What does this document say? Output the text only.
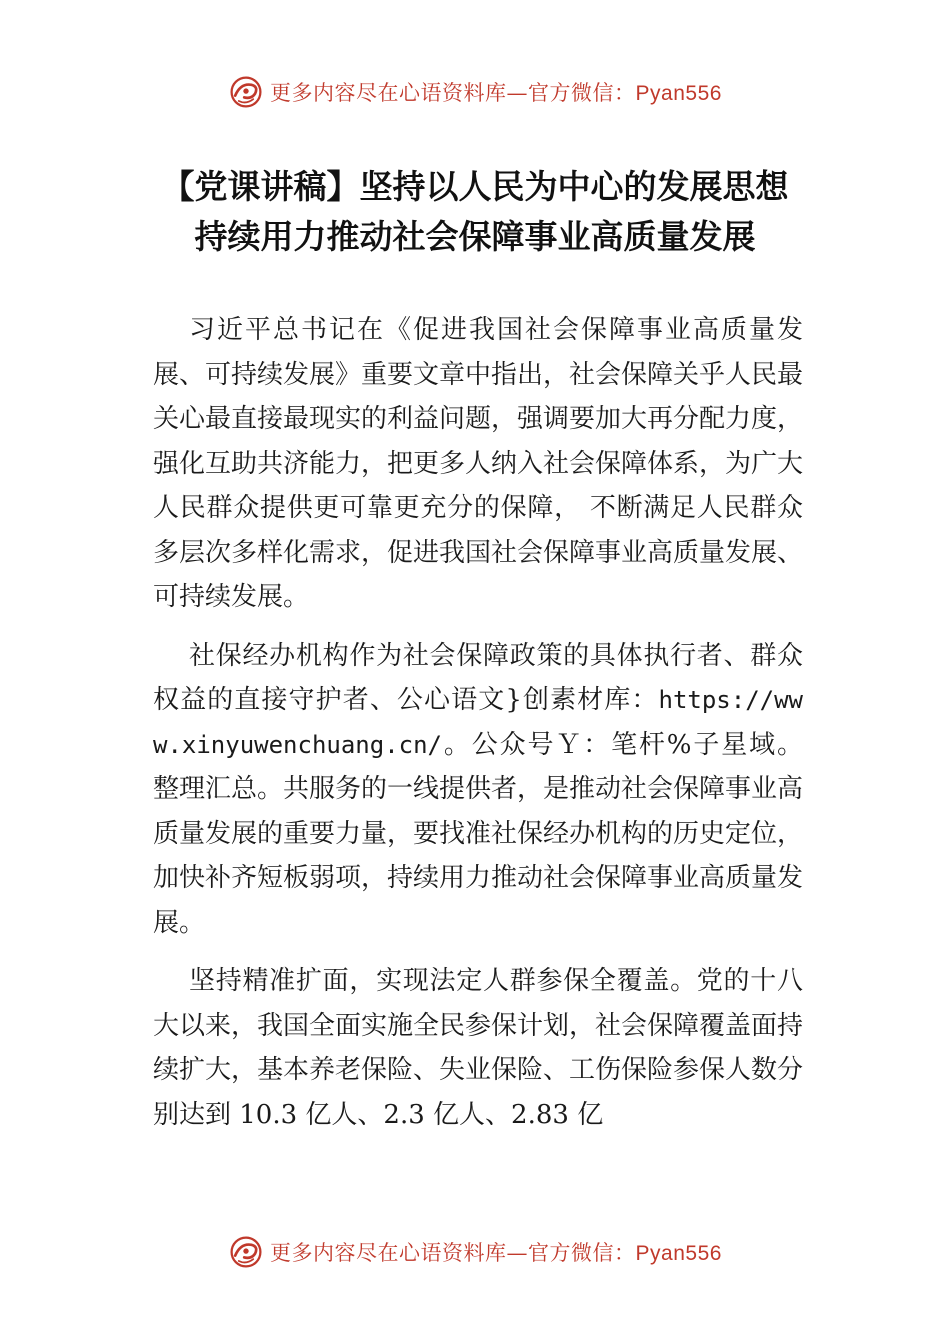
更多内容尽在心语资料库—官方微信：Pyan556
【党课讲稿】坚持以人民为中心的发展思想
持续用力推动社会保障事业高质量发展

习近平总书记在《促进我国社会保障事业高质量发展、可持续发展》重要文章中指出，社会保障关乎人民最关心最直接最现实的利益问题，强调要加大再分配力度，强化互助共济能力，把更多人纳入社会保障体系，为广大人民群众提供更可靠更充分的保障， 不断满足人民群众多层次多样化需求，促进我国社会保障事业高质量发展、可持续发展。

社保经办机构作为社会保障政策的具体执行者、群众权益的直接守护者、公心语文}创素材库：https://www.xinyuwenchuang.cn/。公众号Ｙ：笔杆%子星域。整理汇总。共服务的一线提供者，是推动社会保障事业高质量发展的重要力量，要找准社保经办机构的历史定位，加快补齐短板弱项，持续用力推动社会保障事业高质量发展。

坚持精准扩面，实现法定人群参保全覆盖。党的十八大以来，我国全面实施全民参保计划，社会保障覆盖面持续扩大，基本养老保险、失业保险、工伤保险参保人数分别达到 10.3 亿人、2.3 亿人、2.83 亿

更多内容尽在心语资料库—官方微信：Pyan556
